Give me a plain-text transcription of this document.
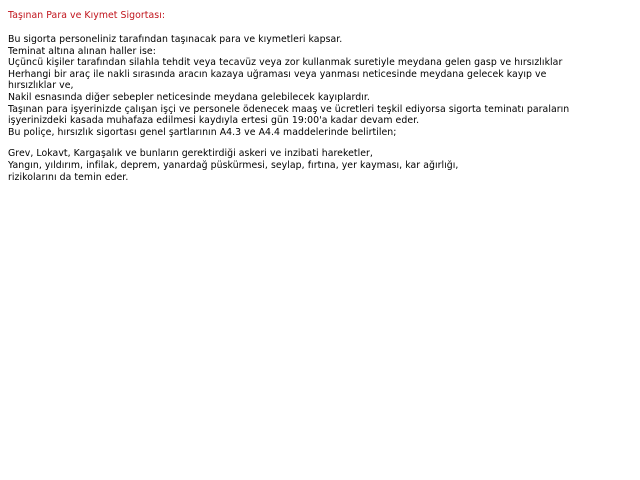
Taşınan Para ve Kıymet Sigortası:

Bu sigorta personeliniz tarafından taşınacak para ve kıymetleri kapsar.
Teminat altına alınan haller ise:
Üçüncü kişiler tarafından silahla tehdit veya tecavüz veya zor kullanmak suretiyle meydana gelen gasp ve hırsızlıklar
Herhangi bir araç ile nakli sırasında aracın kazaya uğraması veya yanması neticesinde meydana gelecek kayıp ve
hırsızlıklar ve,
Nakil esnasında diğer sebepler neticesinde meydana gelebilecek kayıplardır.
Taşınan para işyerinizde çalışan işçi ve personele ödenecek maaş ve ücretleri teşkil ediyorsa sigorta teminatı paraların
işyerinizdeki kasada muhafaza edilmesi kaydıyla ertesi gün 19:00'a kadar devam eder.
Bu poliçe, hırsızlık sigortası genel şartlarının A4.3 ve A4.4 maddelerinde belirtilen;

Grev, Lokavt, Kargaşalık ve bunların gerektirdiği askeri ve inzibati hareketler,
Yangın, yıldırım, infilak, deprem, yanardağ püskürmesi, seylap, fırtına, yer kayması, kar ağırlığı,
rizikolarını da temin eder.
